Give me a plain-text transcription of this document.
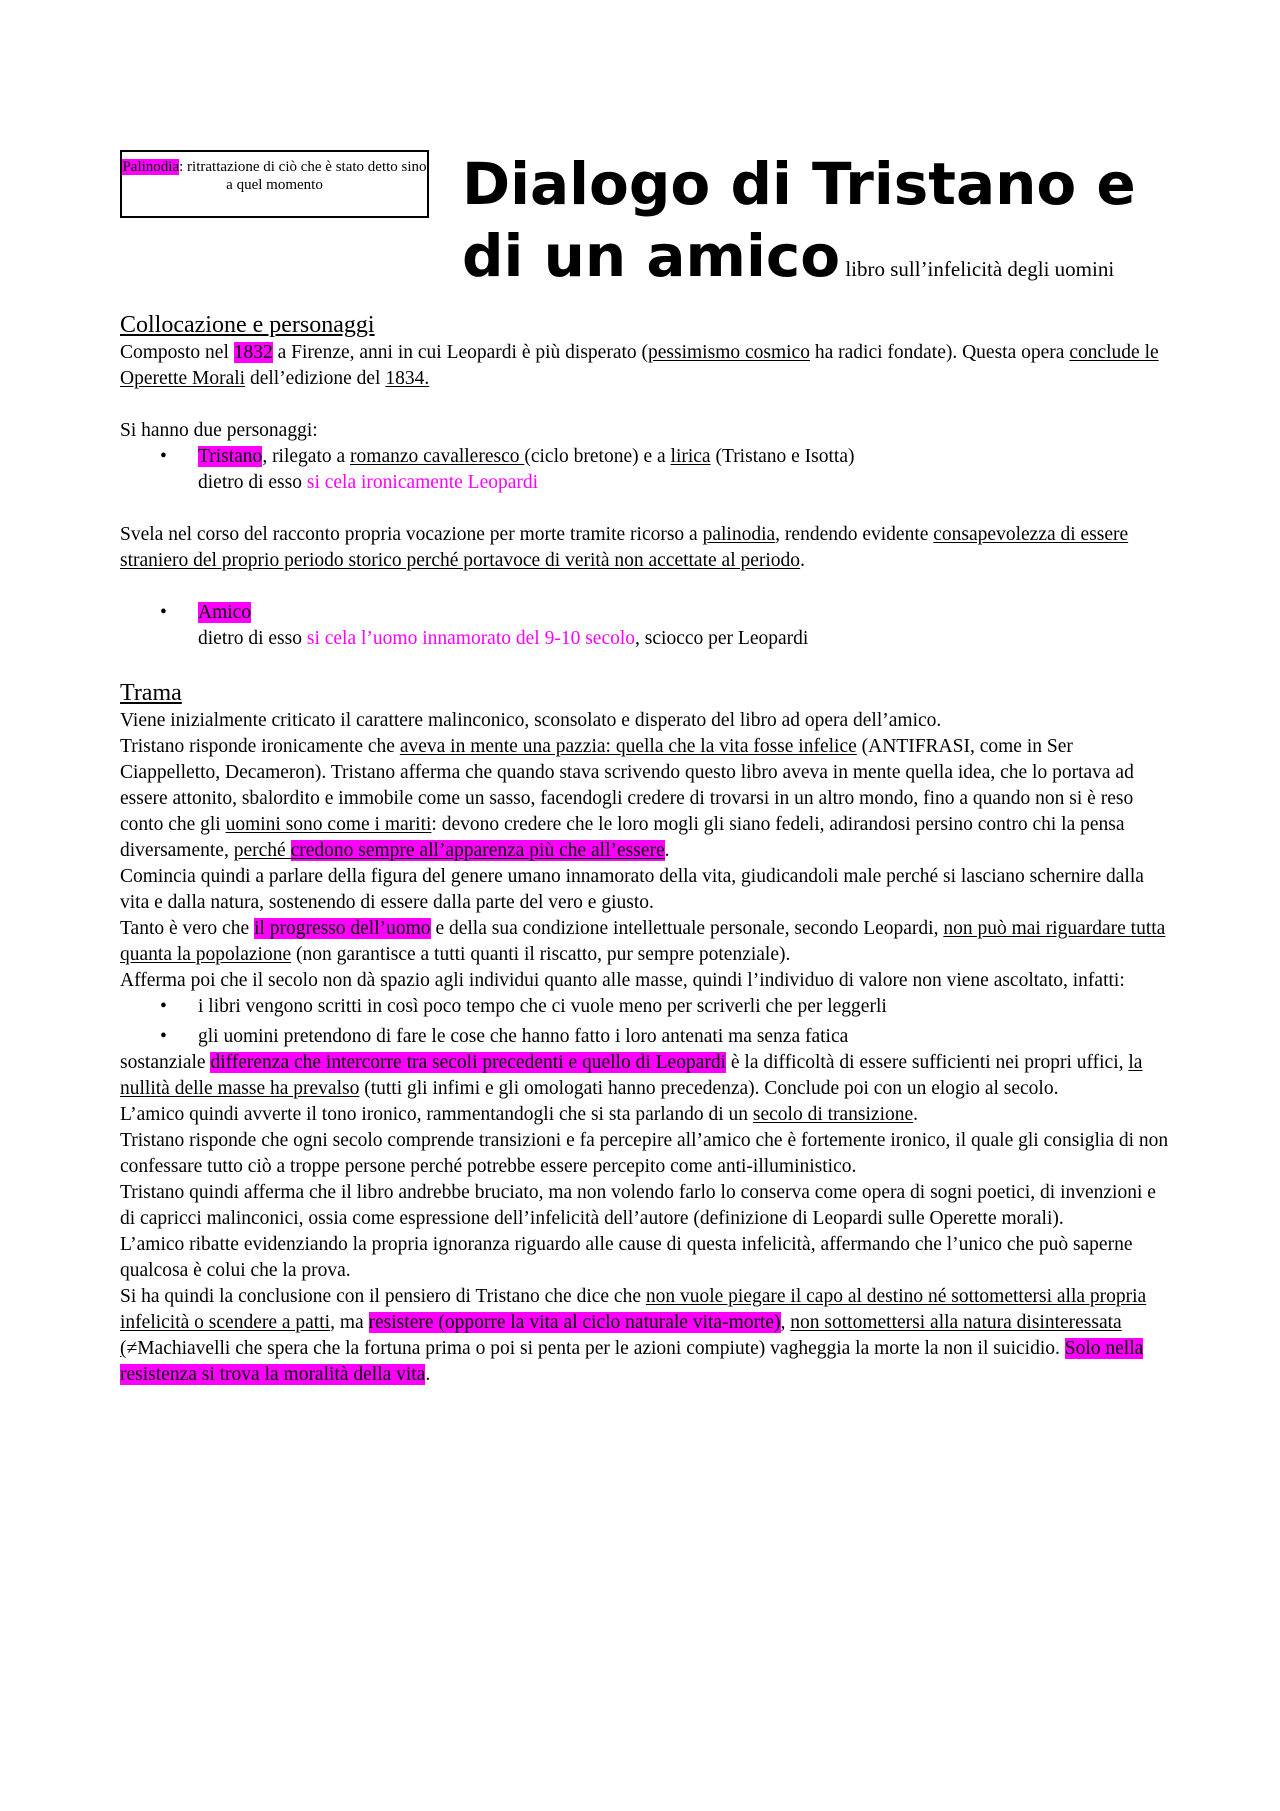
Palinodia: ritrattazione di ciò che è stato detto sino a quel momento	Dialogo di Tristano e
di un amico libro sull’infelicità degli uomini

Collocazione e personaggi

Composto nel 1832 a Firenze, anni in cui Leopardi è più disperato (pessimismo cosmico ha radici fondate). Questa opera conclude le Operette Morali dell’edizione del 1834.

Si hanno due personaggi:

• Tristano, rilegato a romanzo cavalleresco (ciclo bretone) e a lirica (Tristano e Isotta)
dietro di esso si cela ironicamente Leopardi

Svela nel corso del racconto propria vocazione per morte tramite ricorso a palinodia, rendendo evidente consapevolezza di essere straniero del proprio periodo storico perché portavoce di verità non accettate al periodo.

• Amico
dietro di esso si cela l’uomo innamorato del 9-10 secolo, sciocco per Leopardi

Trama

Viene inizialmente criticato il carattere malinconico, sconsolato e disperato del libro ad opera dell’amico.

Tristano risponde ironicamente che aveva in mente una pazzia: quella che la vita fosse infelice (ANTIFRASI, come in Ser Ciappelletto, Decameron). Tristano afferma che quando stava scrivendo questo libro aveva in mente quella idea, che lo portava ad essere attonito, sbalordito e immobile come un sasso, facendogli credere di trovarsi in un altro mondo, fino a quando non si è reso conto che gli uomini sono come i mariti: devono credere che le loro mogli gli siano fedeli, adirandosi persino contro chi la pensa diversamente, perché credono sempre all’apparenza più che all’essere.

Comincia quindi a parlare della figura del genere umano innamorato della vita, giudicandoli male perché si lasciano schernire dalla vita e dalla natura, sostenendo di essere dalla parte del vero e giusto.

Tanto è vero che il progresso dell’uomo e della sua condizione intellettuale personale, secondo Leopardi, non può mai riguardare tutta quanta la popolazione (non garantisce a tutti quanti il riscatto, pur sempre potenziale).

Afferma poi che il secolo non dà spazio agli individui quanto alle masse, quindi l’individuo di valore non viene ascoltato, infatti:

• i libri vengono scritti in così poco tempo che ci vuole meno per scriverli che per leggerli
• gli uomini pretendono di fare le cose che hanno fatto i loro antenati ma senza fatica

sostanziale differenza che intercorre tra secoli precedenti e quello di Leopardi è la difficoltà di essere sufficienti nei propri uffici, la nullità delle masse ha prevalso (tutti gli infimi e gli omologati hanno precedenza). Conclude poi con un elogio al secolo.

L’amico quindi avverte il tono ironico, rammentandogli che si sta parlando di un secolo di transizione.

Tristano risponde che ogni secolo comprende transizioni e fa percepire all’amico che è fortemente ironico, il quale gli consiglia di non confessare tutto ciò a troppe persone perché potrebbe essere percepito come anti-illuministico.

Tristano quindi afferma che il libro andrebbe bruciato, ma non volendo farlo lo conserva come opera di sogni poetici, di invenzioni e di capricci malinconici, ossia come espressione dell’infelicità dell’autore (definizione di Leopardi sulle Operette morali).

L’amico ribatte evidenziando la propria ignoranza riguardo alle cause di questa infelicità, affermando che l’unico che può saperne qualcosa è colui che la prova.

Si ha quindi la conclusione con il pensiero di Tristano che dice che non vuole piegare il capo al destino né sottomettersi alla propria infelicità o scendere a patti, ma resistere (opporre la vita al ciclo naturale vita-morte), non sottomettersi alla natura disinteressata (≠Machiavelli che spera che la fortuna prima o poi si penta per le azioni compiute) vagheggia la morte la non il suicidio. Solo nella resistenza si trova la moralità della vita.
